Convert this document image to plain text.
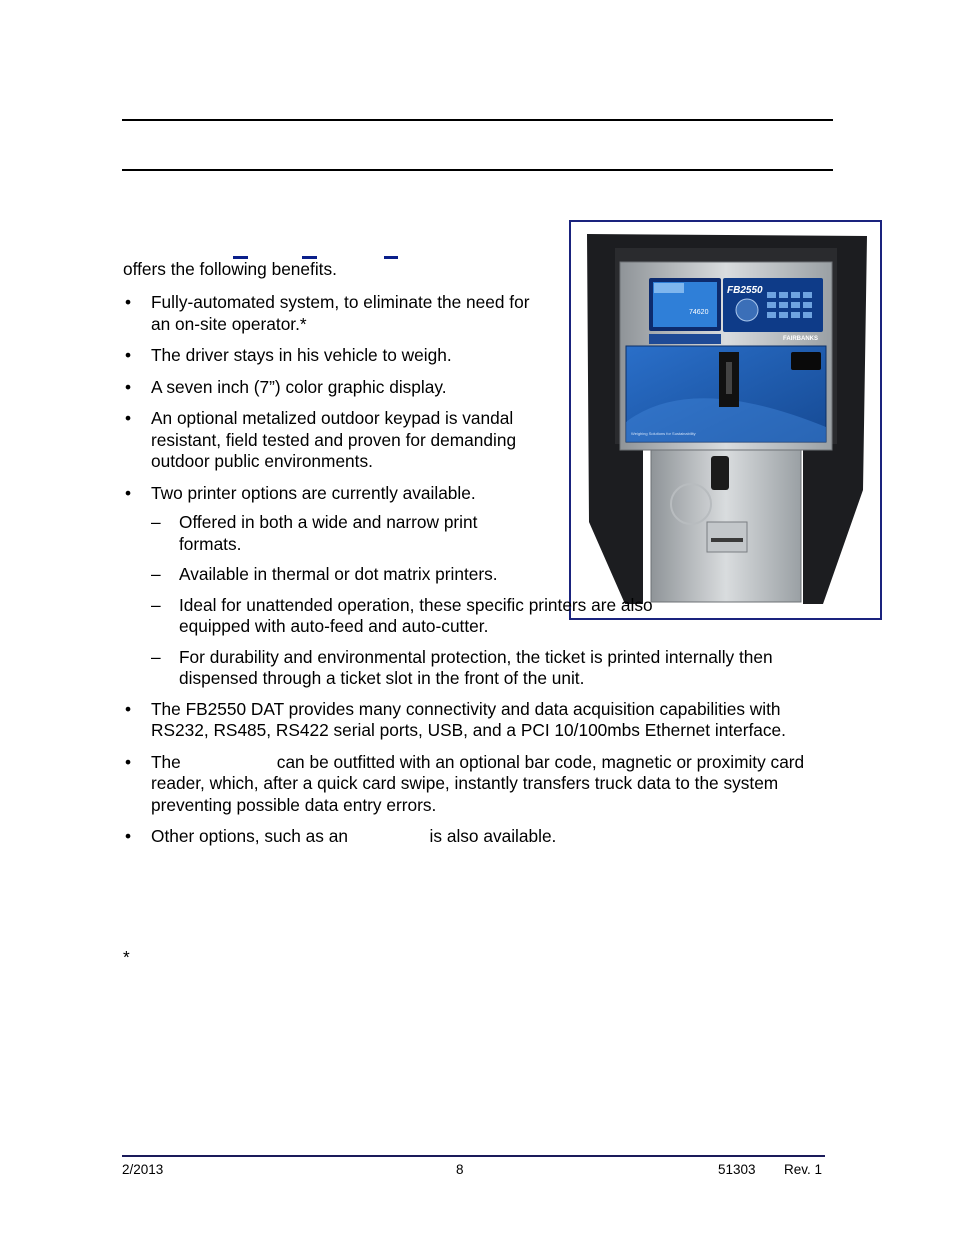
offers the following benefits.
74620
FB2550
FAIRBANKS
Weighing Solutions for Sustainability
• Fully-automated system, to eliminate the need for an on-site operator.*
• The driver stays in his vehicle to weigh.
• A seven inch (7”) color graphic display.
• An optional metalized outdoor keypad is vandal resistant, field tested and proven for demanding outdoor public environments.
• Two printer options are currently available.
– Offered in both a wide and narrow print formats.
– Available in thermal or dot matrix printers.
– Ideal for unattended operation, these specific printers are also equipped with auto-feed and auto-cutter.
– For durability and environmental protection, the ticket is printed internally then dispensed through a ticket slot in the front of the unit.
• The FB2550 DAT provides many connectivity and data acquisition capabilities with RS232, RS485, RS422 serial ports, USB, and a PCI 10/100mbs Ethernet interface.
• The                    can be outfitted with an optional bar code, magnetic or proximity card reader, which, after a quick card swipe, instantly transfers truck data to the system preventing possible data entry errors.
• Other options, such as an                 is also available.
*
2/2013	8	51303 Rev. 1
